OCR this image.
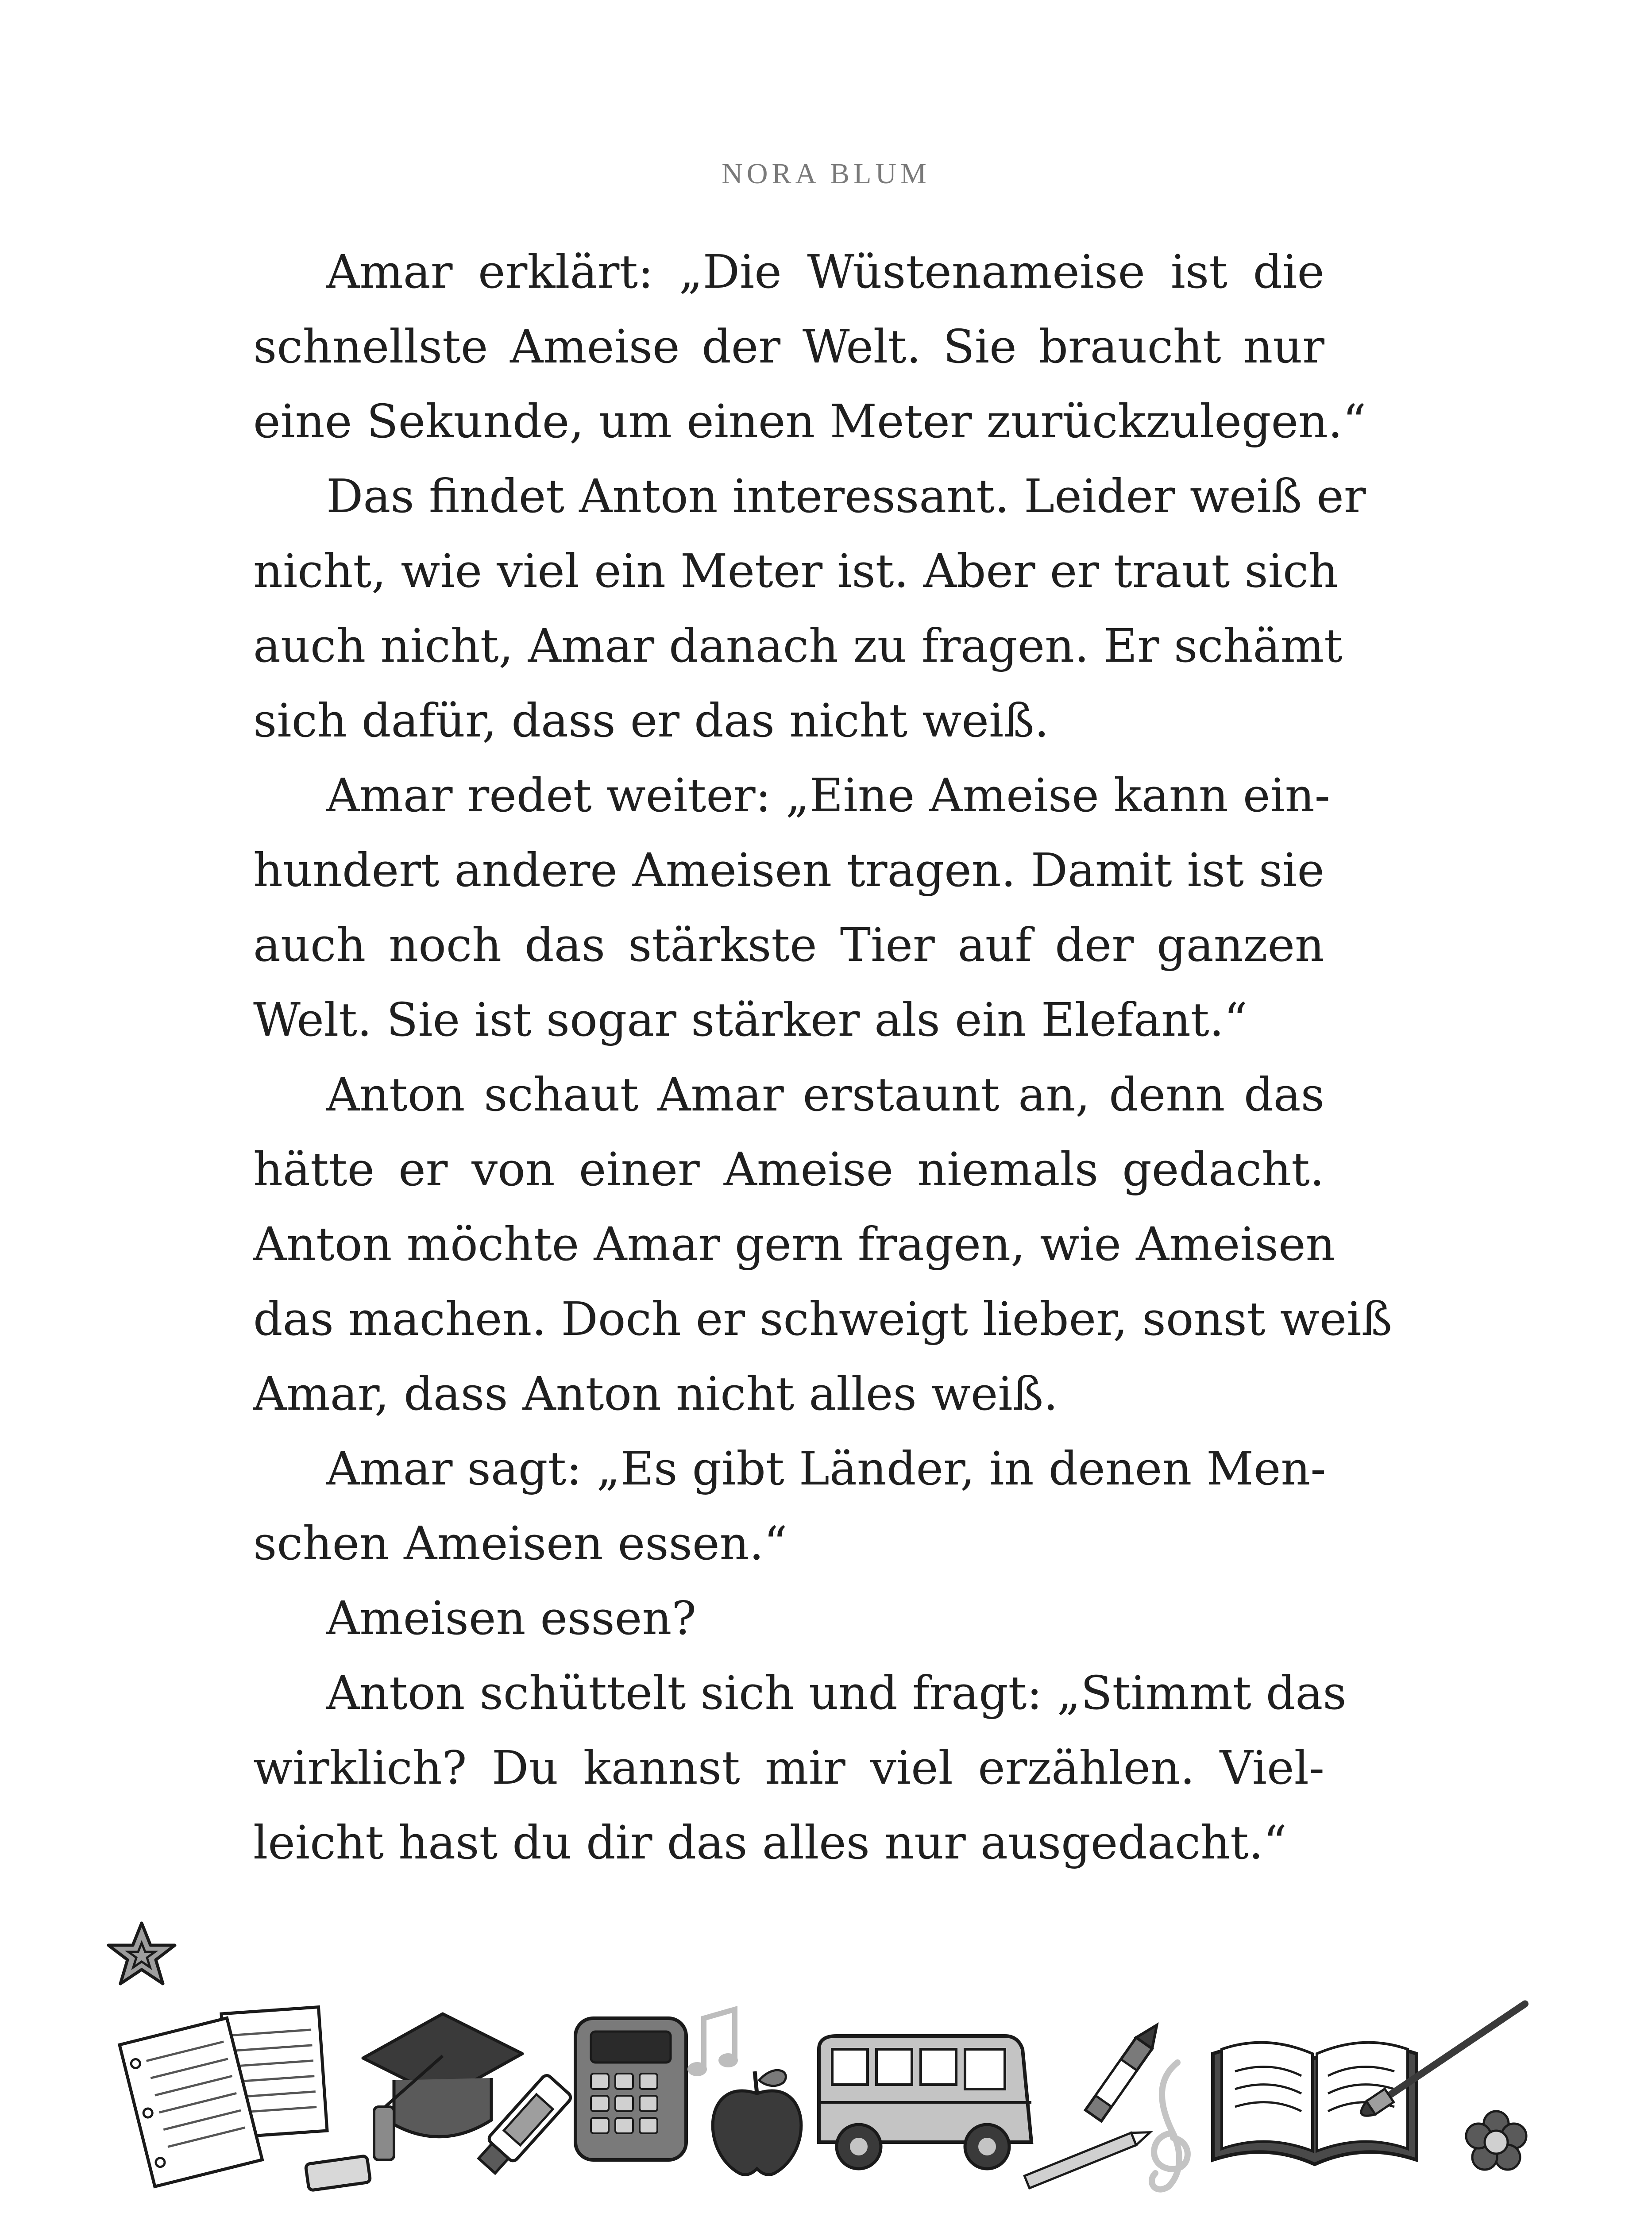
NORA BLUM
Amar erklärt: „Die Wüstenameise ist die
schnellste Ameise der Welt. Sie braucht nur
eine Sekunde, um einen Meter zurückzulegen.“
Das findet Anton interessant. Leider weiß er
nicht, wie viel ein Meter ist. Aber er traut sich
auch nicht, Amar danach zu fragen. Er schämt
sich dafür, dass er das nicht weiß.
Amar redet weiter: „Eine Ameise kann ein-
hundert andere Ameisen tragen. Damit ist sie
auch noch das stärkste Tier auf der ganzen
Welt. Sie ist sogar stärker als ein Elefant.“
Anton schaut Amar erstaunt an, denn das
hätte er von einer Ameise niemals gedacht.
Anton möchte Amar gern fragen, wie Ameisen
das machen. Doch er schweigt lieber, sonst weiß
Amar, dass Anton nicht alles weiß.
Amar sagt: „Es gibt Länder, in denen Men-
schen Ameisen essen.“
Ameisen essen?
Anton schüttelt sich und fragt: „Stimmt das
wirklich? Du kannst mir viel erzählen. Viel-
leicht hast du dir das alles nur ausgedacht.“
